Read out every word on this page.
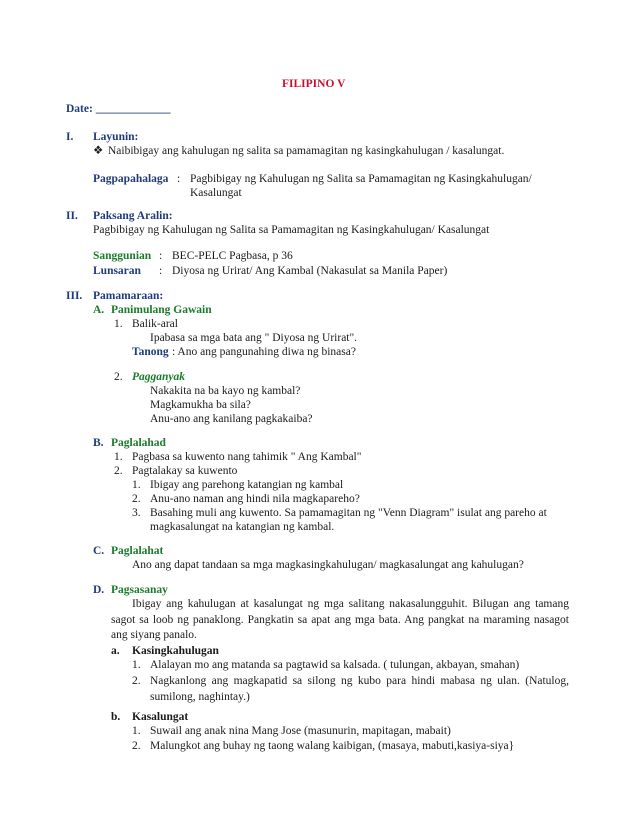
FILIPINO V
Date: _____________
I. Layunin:
❖ Naibibigay ang kahulugan ng salita sa pamamagitan ng kasingkahulugan / kasalungat.
Pagpapahalaga : Pagbibigay ng Kahulugan ng Salita sa Pamamagitan ng Kasingkahulugan/
Kasalungat
II. Paksang Aralin:
Pagbibigay ng Kahulugan ng Salita sa Pamamagitan ng Kasingkahulugan/ Kasalungat
Sanggunian : BEC-PELC Pagbasa, p 36
Lunsaran : Diyosa ng Urirat/ Ang Kambal (Nakasulat sa Manila Paper)
III. Pamamaraan:
A. Panimulang Gawain
1. Balik-aral
Ipabasa sa mga bata ang " Diyosa ng Urirat".
Tanong : Ano ang pangunahing diwa ng binasa?
2. Pagganyak
Nakakita na ba kayo ng kambal?
Magkamukha ba sila?
Anu-ano ang kanilang pagkakaiba?
B. Paglalahad
1. Pagbasa sa kuwento nang tahimik " Ang Kambal"
2. Pagtalakay sa kuwento
1. Ibigay ang parehong katangian ng kambal
2. Anu-ano naman ang hindi nila magkapareho?
3. Basahing muli ang kuwento. Sa pamamagitan ng "Venn Diagram" isulat ang pareho at
magkasalungat na katangian ng kambal.
C. Paglalahat
Ano ang dapat tandaan sa mga magkasingkahulugan/ magkasalungat ang kahulugan?
D. Pagsasanay
Ibigay ang kahulugan at kasalungat ng mga salitang nakasalungguhit. Bilugan ang tamang sagot sa loob ng panaklong. Pangkatin sa apat ang mga bata. Ang pangkat na maraming nasagot ang siyang panalo.
a. Kasingkahulugan
1. Alalayan mo ang matanda sa pagtawid sa kalsada. ( tulungan, akbayan, smahan)
2. Nagkanlong ang magkapatid sa silong ng kubo para hindi mabasa ng ulan. (Natulog, sumilong, naghintay.)
b. Kasalungat
1. Suwail ang anak nina Mang Jose (masunurin, mapitagan, mabait)
2. Malungkot ang buhay ng taong walang kaibigan, (masaya, mabuti,kasiya-siya}
